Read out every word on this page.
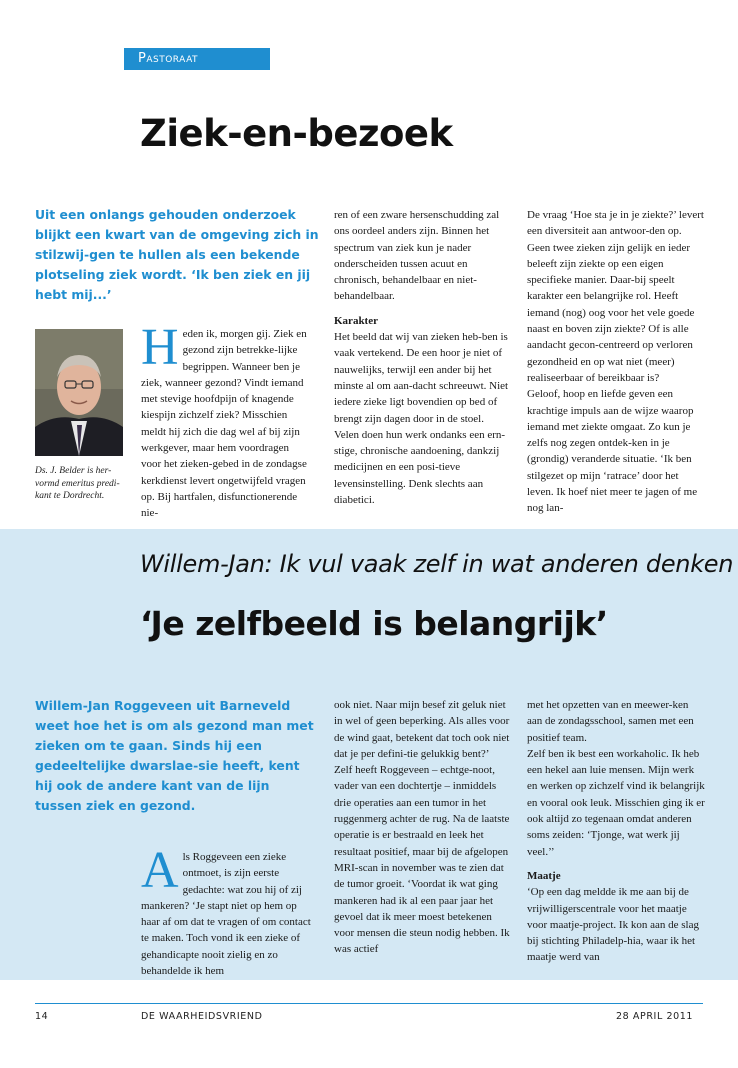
Pastoraat
Ziek-en-bezoek
Uit een onlangs gehouden onderzoek blijkt een kwart van de omgeving zich in stilzwij-gen te hullen als een bekende plotseling ziek wordt. ‘Ik ben ziek en jij hebt mij...’
Ds. J. Belder is her-vormd emeritus predi-kant te Dordrecht.
Heden ik, morgen gij. Ziek en gezond zijn betrekke-lijke begrippen. Wanneer ben je ziek, wanneer gezond? Vindt iemand met stevige hoofdpijn of knagende kiespijn zichzelf ziek? Misschien meldt hij zich die dag wel af bij zijn werkgever, maar hem voordragen voor het zieken-gebed in de zondagse kerkdienst levert ongetwijfeld vragen op. Bij hartfalen, disfunctionerende nie-

ren of een zware hersenschudding zal ons oordeel anders zijn. Binnen het spectrum van ziek kun je nader onderscheiden tussen acuut en chronisch, behandelbaar en niet-behandelbaar.

Karakter

Het beeld dat wij van zieken heb-ben is vaak vertekend. De een hoor je niet of nauwelijks, terwijl een ander bij het minste al om aan-dacht schreeuwt. Niet iedere zieke ligt bovendien op bed of brengt zijn dagen door in de stoel. Velen doen hun werk ondanks een ern-stige, chronische aandoening, dankzij medicijnen en een posi-tieve levensinstelling. Denk slechts aan diabetici.

De vraag ‘Hoe sta je in je ziekte?’ levert een diversiteit aan antwoor-den op. Geen twee zieken zijn gelijk en ieder beleeft zijn ziekte op een eigen specifieke manier. Daar-bij speelt karakter een belangrijke rol. Heeft iemand (nog) oog voor het vele goede naast en boven zijn ziekte? Of is alle aandacht gecon-centreerd op verloren gezondheid en op wat niet (meer) realiseerbaar of bereikbaar is?

Geloof, hoop en liefde geven een krachtige impuls aan de wijze waarop iemand met ziekte omgaat. Zo kun je zelfs nog zegen ontdek-ken in je (grondig) veranderde situatie. ‘Ik ben stilgezet op mijn ‘ratrace’ door het leven. Ik hoef niet meer te jagen of me nog lan-

Willem-Jan: Ik vul vaak zelf in wat anderen denken
‘Je zelfbeeld is belangrijk’
Willem-Jan Roggeveen uit Barneveld weet hoe het is om als gezond man met zieken om te gaan. Sinds hij een gedeeltelijke dwarslae-sie heeft, kent hij ook de andere kant van de lijn tussen ziek en gezond.
Als Roggeveen een zieke ontmoet, is zijn eerste gedachte: wat zou hij of zij mankeren? ‘Je stapt niet op hem op haar af om dat te vragen of om contact te maken. Toch vond ik een zieke of gehandicapte nooit zielig en zo behandelde ik hem

ook niet. Naar mijn besef zit geluk niet in wel of geen beperking. Als alles voor de wind gaat, betekent dat toch ook niet dat je per defini-tie gelukkig bent?’

Zelf heeft Roggeveen – echtge-noot, vader van een dochtertje – inmiddels drie operaties aan een tumor in het ruggenmerg achter de rug. Na de laatste operatie is er bestraald en leek het resultaat positief, maar bij de afgelopen MRI-scan in november was te zien dat de tumor groeit. ‘Voordat ik wat ging mankeren had ik al een paar jaar het gevoel dat ik meer moest betekenen voor mensen die steun nodig hebben. Ik was actief

met het opzetten van en meewer-ken aan de zondagsschool, samen met een positief team.

Zelf ben ik best een workaholic. Ik heb een hekel aan luie mensen. Mijn werk en werken op zichzelf vind ik belangrijk en vooral ook leuk. Misschien ging ik er ook altijd zo tegenaan omdat anderen soms zeiden: ‘Tjonge, wat werk jij veel.’’

Maatje

‘Op een dag meldde ik me aan bij de vrijwilligerscentrale voor het maatje voor maatje-project. Ik kon aan de slag bij stichting Philadelp-hia, waar ik het maatje werd van

14	DE WAARHEIDSVRIEND	28 APRIL 2011
